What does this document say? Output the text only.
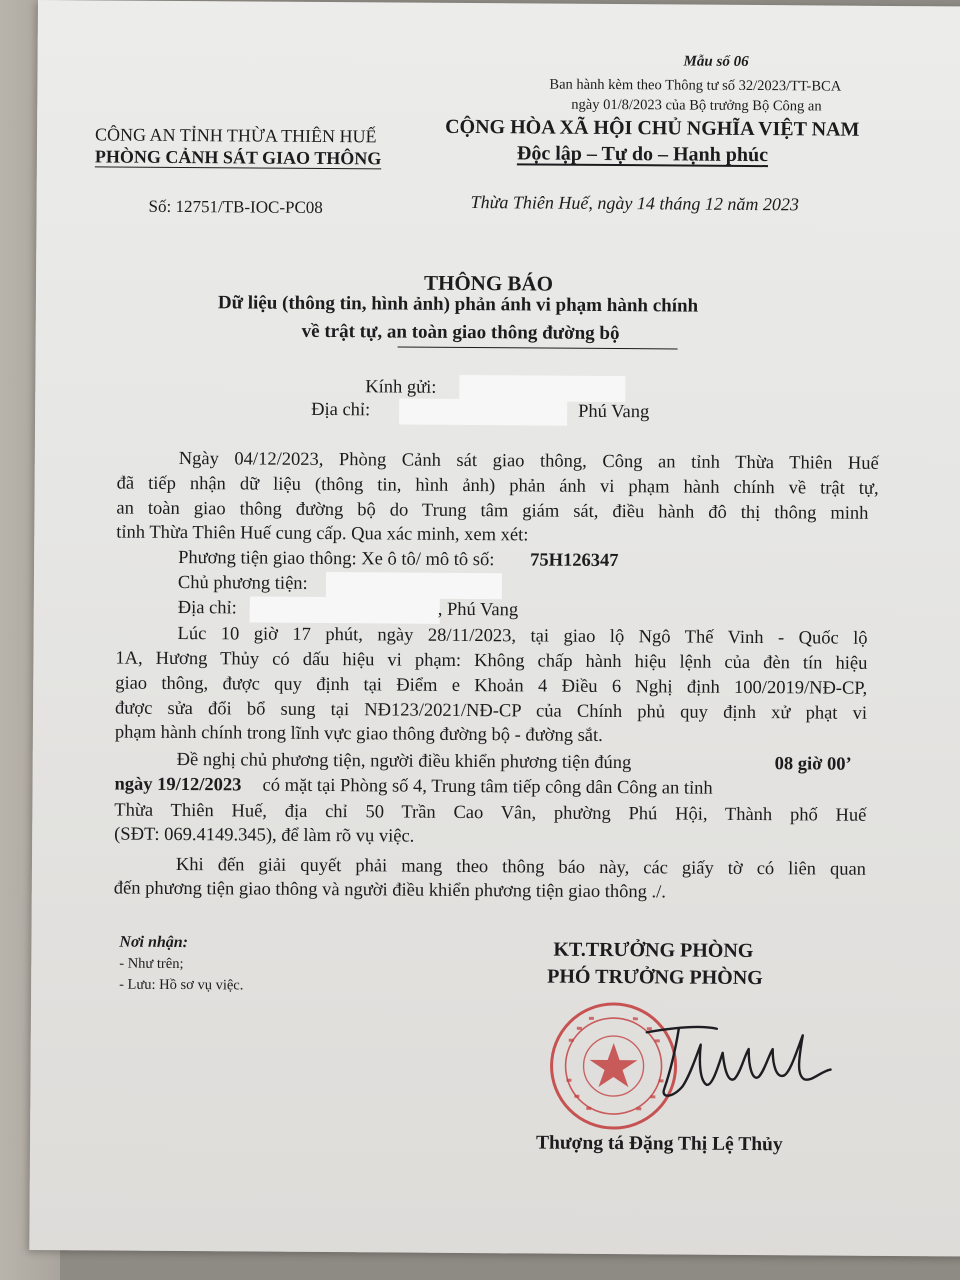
Mẫu số 06
Ban hành kèm theo Thông tư số 32/2023/TT-BCA
ngày 01/8/2023 của Bộ trưởng Bộ Công an
CÔNG AN TỈNH THỪA THIÊN HUẾ
PHÒNG CẢNH SÁT GIAO THÔNG
Số: 12751/TB-IOC-PC08
CỘNG HÒA XÃ HỘI CHỦ NGHĨA VIỆT NAM
Độc lập – Tự do – Hạnh phúc
Thừa Thiên Huế, ngày 14 tháng 12 năm 2023
THÔNG BÁO
Dữ liệu (thông tin, hình ảnh) phản ánh vi phạm hành chính
về trật tự, an toàn giao thông đường bộ
Kính gửi:
Địa chỉ:	Phú Vang
Ngày 04/12/2023, Phòng Cảnh sát giao thông, Công an tỉnh Thừa Thiên Huế
đã tiếp nhận dữ liệu (thông tin, hình ảnh) phản ánh vi phạm hành chính về trật tự,
an toàn giao thông đường bộ do Trung tâm giám sát, điều hành đô thị thông minh
tỉnh Thừa Thiên Huế cung cấp. Qua xác minh, xem xét:
Phương tiện giao thông: Xe ô tô/ mô tô số: 75H126347
Chủ phương tiện:
Địa chỉ:	, Phú Vang
Lúc 10 giờ 17 phút, ngày 28/11/2023, tại giao lộ Ngô Thế Vinh - Quốc lộ
1A, Hương Thủy có dấu hiệu vi phạm: Không chấp hành hiệu lệnh của đèn tín hiệu
giao thông, được quy định tại Điểm e Khoản 4 Điều 6 Nghị định 100/2019/NĐ-CP,
được sửa đổi bổ sung tại NĐ123/2021/NĐ-CP của Chính phủ quy định xử phạt vi
phạm hành chính trong lĩnh vực giao thông đường bộ - đường sắt.
Đề nghị chủ phương tiện, người điều khiển phương tiện đúng	08 giờ 00’
ngày 19/12/2023 có mặt tại Phòng số 4, Trung tâm tiếp công dân Công an tỉnh
Thừa Thiên Huế, địa chỉ 50 Trần Cao Vân, phường Phú Hội, Thành phố Huế
(SĐT: 069.4149.345), để làm rõ vụ việc.
Khi đến giải quyết phải mang theo thông báo này, các giấy tờ có liên quan
đến phương tiện giao thông và người điều khiển phương tiện giao thông ./.
Nơi nhận:
- Như trên;
- Lưu: Hồ sơ vụ việc.
KT.TRƯỞNG PHÒNG
PHÓ TRƯỞNG PHÒNG
Thượng tá Đặng Thị Lệ Thủy
